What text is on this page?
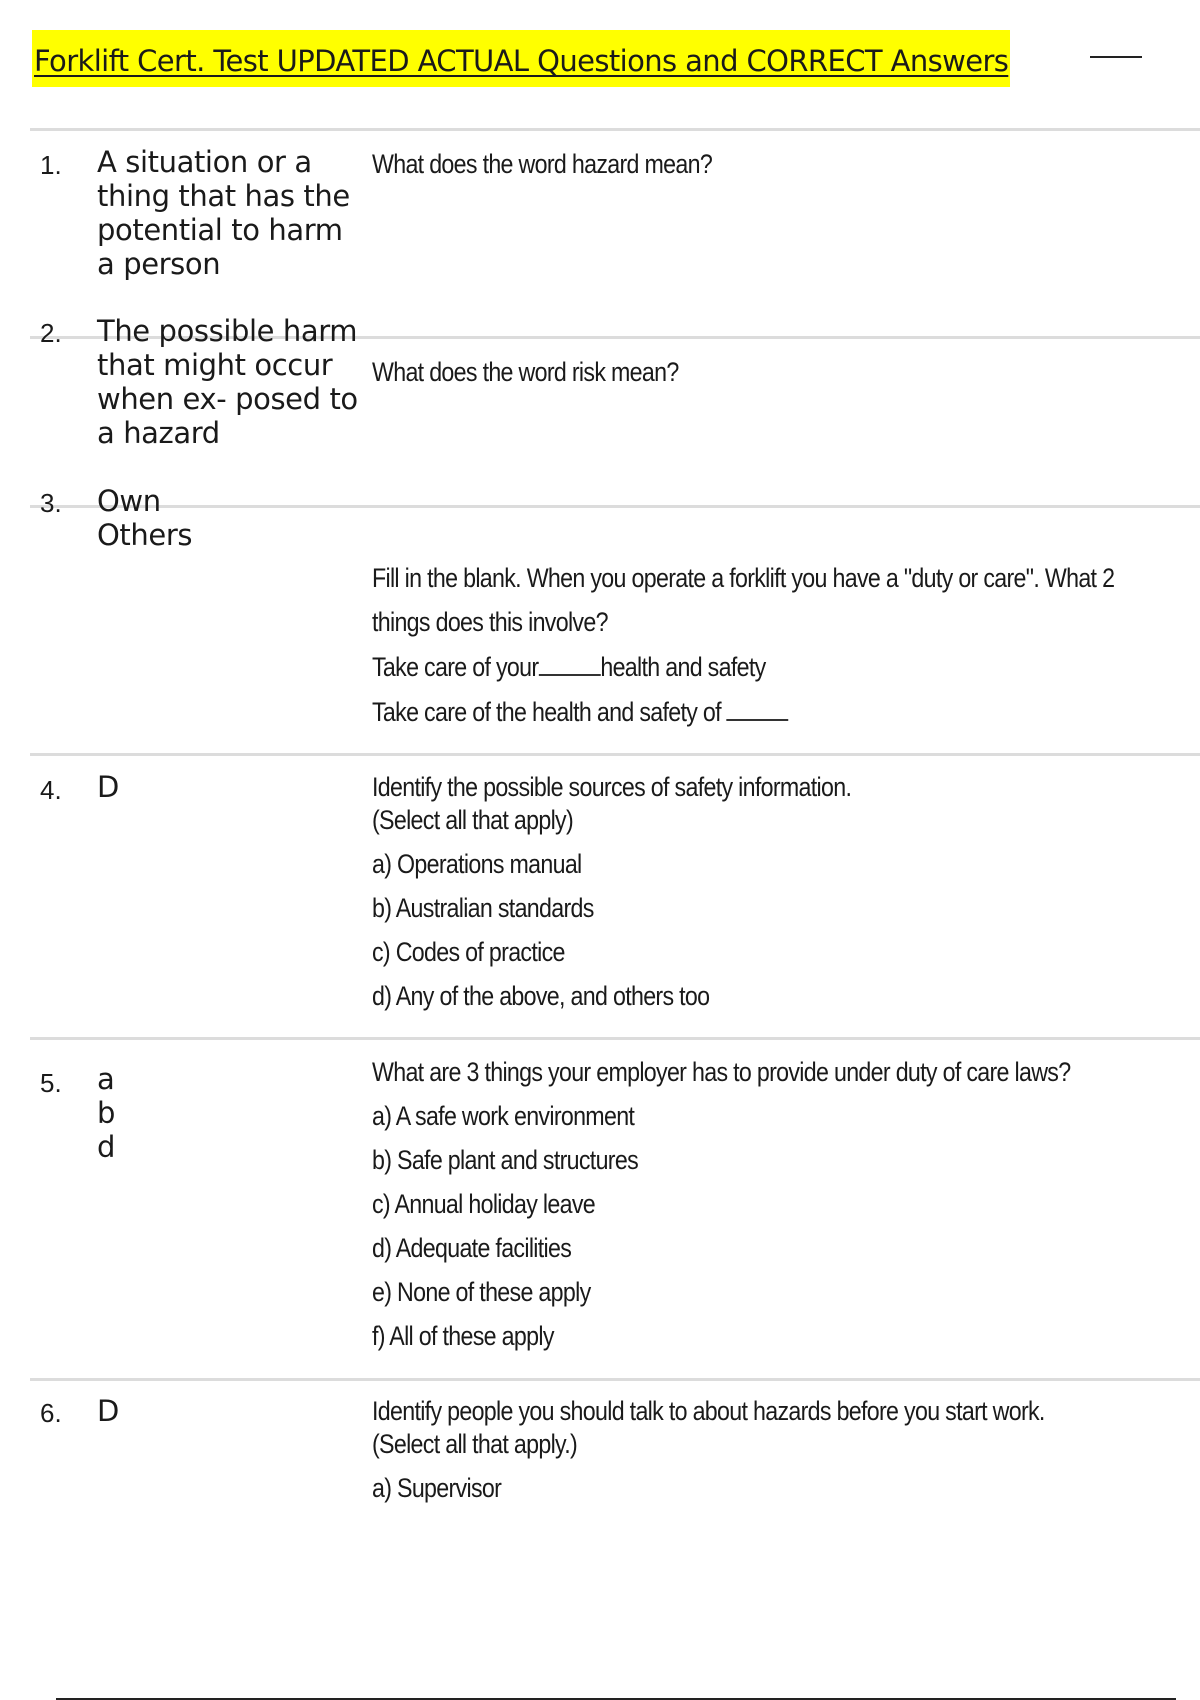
Forklift Cert. Test UPDATED ACTUAL Questions and CORRECT Answers
1. A situation or a thing that has the potential to harm a person
What does the word hazard mean?
2. The possible harm that might occur when ex- posed to a hazard
What does the word risk mean?
3. Own
Others
Fill in the blank. When you operate a forklift you have a "duty or care". What 2
things does this involve?
Take care of your health and safety
Take care of the health and safety of
4. D	Identify the possible sources of safety information.
(Select all that apply)
a) Operations manual
b) Australian standards
c) Codes of practice
d) Any of the above, and others too
5. a
b
d
What are 3 things your employer has to provide under duty of care laws?
a) A safe work environment
b) Safe plant and structures
c) Annual holiday leave
d) Adequate facilities
e) None of these apply
f) All of these apply
6. D	Identify people you should talk to about hazards before you start work.
(Select all that apply.)
a) Supervisor
